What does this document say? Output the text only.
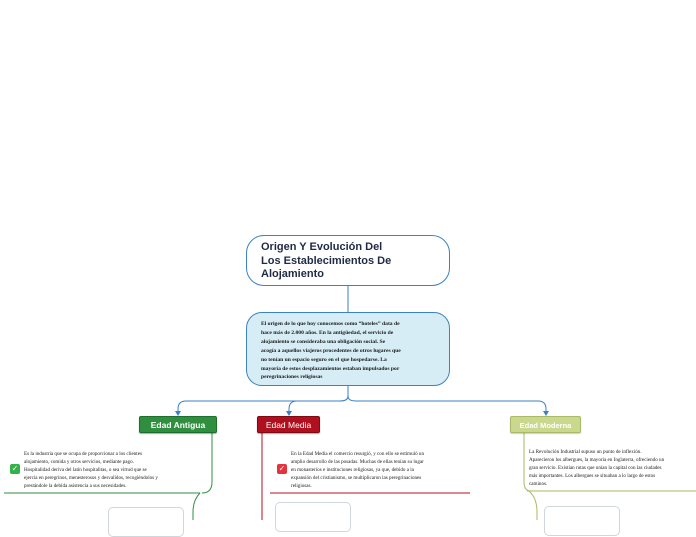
Origen Y Evolución Del
Los Establecimientos De
Alojamiento
El origen de lo que hoy conocemos como “hoteles” data de
hace más de 2.000 años. En la antigüedad, el servicio de
alojamiento se consideraba una obligación social. Se
acogía a aquellos viajeros procedentes de otros lugares que
no tenían un espacio seguro en el que hospedarse. La
mayoría de estos desplazamientos estaban impulsados por
peregrinaciones religiosas
Edad Antigua	Edad Media	Edad Moderna
✓	✓
Es la industria que se ocupa de proporcionar a los clientes
alojamiento, comida y otros servicios, mediante pago.
Hospitalidad deriva del latín hospitalitas, o sea virtud que se
ejercía en peregrinos, menesterosos y desvalidos, recogiéndolos y
prestándole la debida asistencia a sus necesidades.
En la Edad Media el comercio resurgió, y con ello se estimuló un
amplio desarrollo de las posadas. Muchas de ellas tenían su lugar
en monasterios e instituciones religiosas, ya que, debido a la
expansión del cristianismo, se multiplicaron las peregrinaciones
religiosas.
La Revolución Industrial supuso un punto de inflexión.
Aparecieron los albergues, la mayoría en Inglaterra, ofreciendo un
gran servicio. Existían rutas que unían la capital con las ciudades
más importantes. Los albergues se situaban a lo largo de estos
caminos.
